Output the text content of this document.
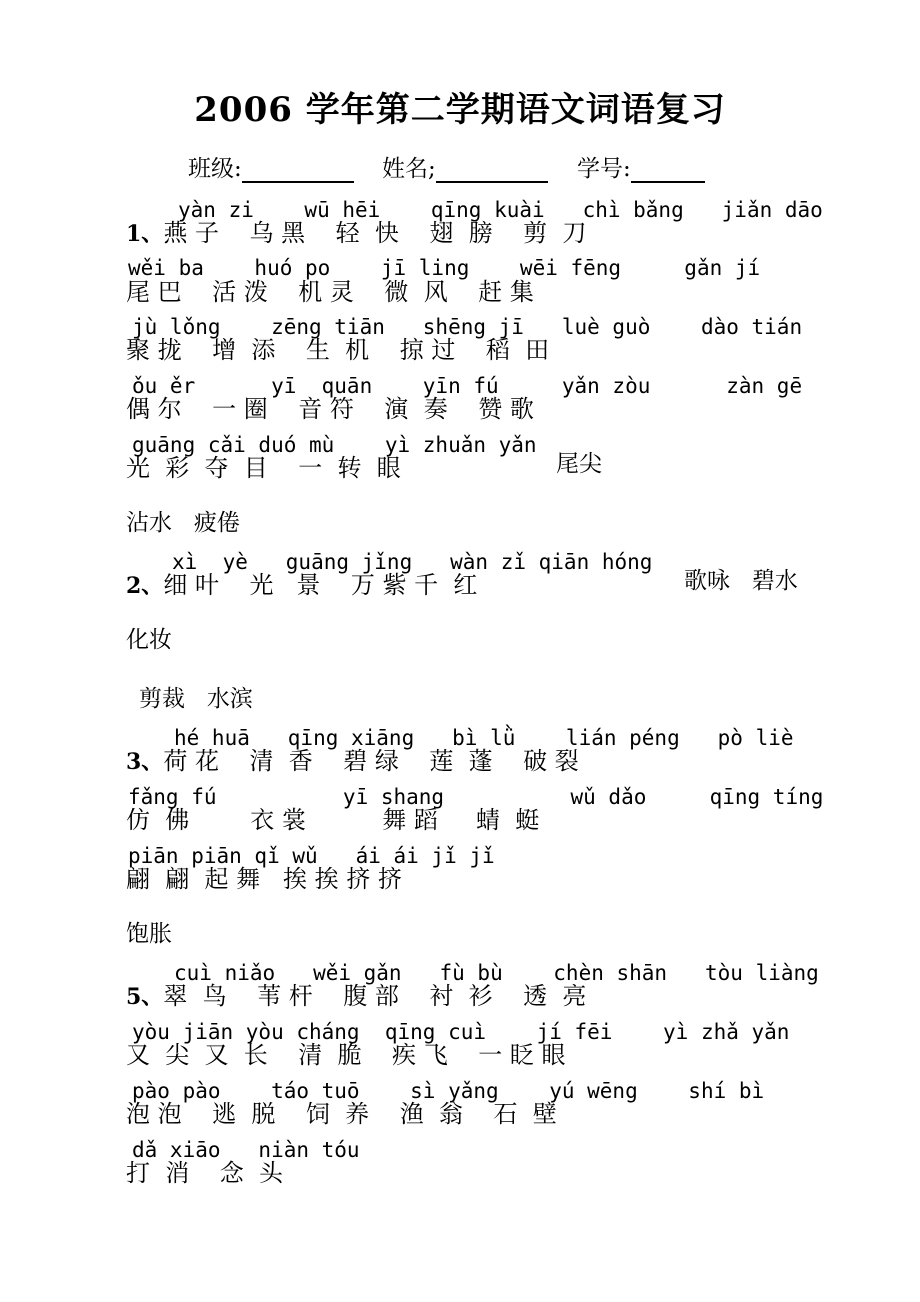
2006 学年第二学期语文词语复习
班级:	姓名;	学号:
yàn zi    wū hēi    qīng kuài   chì bǎng   jiǎn dāo
1、燕 子    乌 黑    轻  快    翅  膀    剪  刀
wěi ba    huó po    jī ling    wēi fēng     gǎn jí
尾 巴    活 泼    机 灵    微  风    赶 集
jù lǒng    zēng tiān   shēng jī   luè guò    dào tián
聚 拢    增  添    生  机    掠 过    稻  田
ǒu ěr      yī  quān    yīn fú     yǎn zòu      zàn gē
偶 尔    一 圈    音 符    演  奏    赞 歌
guāng cǎi duó mù    yì zhuǎn yǎn
光  彩  夺  目    一  转  眼	尾尖
沾水   疲倦
xì  yè   guāng jǐng   wàn zǐ qiān hóng
2、细 叶    光   景    万 紫 千  红	歌咏   碧水
化妆
剪裁   水滨
hé huā   qīng xiāng   bì lǜ    lián péng   pò liè
3、荷 花    清  香    碧 绿    莲  蓬    破 裂
fǎng fú          yī shang          wǔ dǎo     qīng tíng
仿  佛        衣 裳          舞 蹈     蜻  蜓
piān piān qǐ wǔ   ái ái jǐ jǐ
翩  翩  起 舞   挨 挨 挤 挤
饱胀
cuì niǎo   wěi gǎn   fù bù    chèn shān   tòu liàng
5、翠  鸟    苇 杆    腹 部    衬  衫    透  亮
yòu jiān yòu cháng  qīng cuì    jí fēi    yì zhǎ yǎn
又  尖  又  长    清  脆    疾 飞    一 眨 眼
pào pào    táo tuō    sì yǎng    yú wēng    shí bì
泡 泡    逃  脱    饲  养    渔  翁    石  壁
dǎ xiāo   niàn tóu
打  消    念  头
